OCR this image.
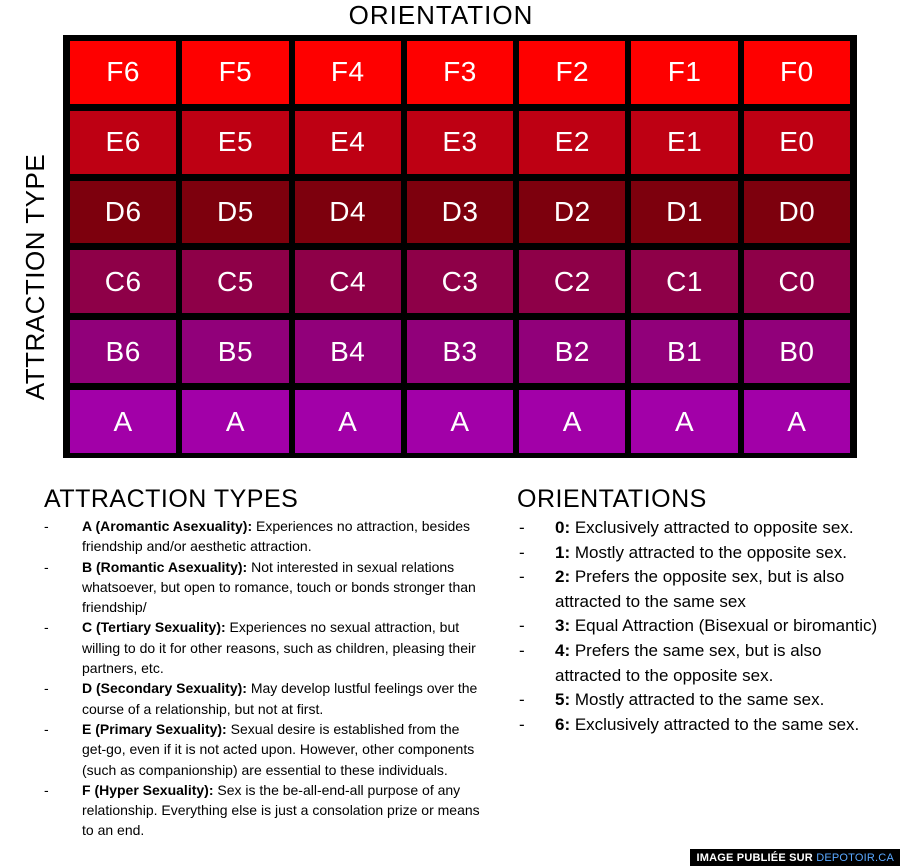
ORIENTATION
ATTRACTION TYPE
F6	F5	F4	F3	F2	F1	F0
E6	E5	E4	E3	E2	E1	E0
D6	D5	D4	D3	D2	D1	D0
C6	C5	C4	C3	C2	C1	C0
B6	B5	B4	B3	B2	B1	B0
A	A	A	A	A	A	A
ATTRACTION TYPES
- A (Aromantic Asexuality): Experiences no attraction, besides friendship and/or aesthetic attraction.
- B (Romantic Asexuality): Not interested in sexual relations whatsoever, but open to romance, touch or bonds stronger than friendship/
- C (Tertiary Sexuality): Experiences no sexual attraction, but willing to do it for other reasons, such as children, pleasing their partners, etc.
- D (Secondary Sexuality): May develop lustful feelings over the course of a relationship, but not at first.
- E (Primary Sexuality): Sexual desire is established from the get-go, even if it is not acted upon. However, other components (such as companionship) are essential to these individuals.
- F (Hyper Sexuality): Sex is the be-all-end-all purpose of any relationship. Everything else is just a consolation prize or means to an end.
ORIENTATIONS
- 0: Exclusively attracted to opposite sex.
- 1: Mostly attracted to the opposite sex.
- 2: Prefers the opposite sex, but is also attracted to the same sex
- 3: Equal Attraction (Bisexual or biromantic)
- 4: Prefers the same sex, but is also attracted to the opposite sex.
- 5: Mostly attracted to the same sex.
- 6: Exclusively attracted to the same sex.
IMAGE PUBLIÉE SUR DEPOTOIR.CA
